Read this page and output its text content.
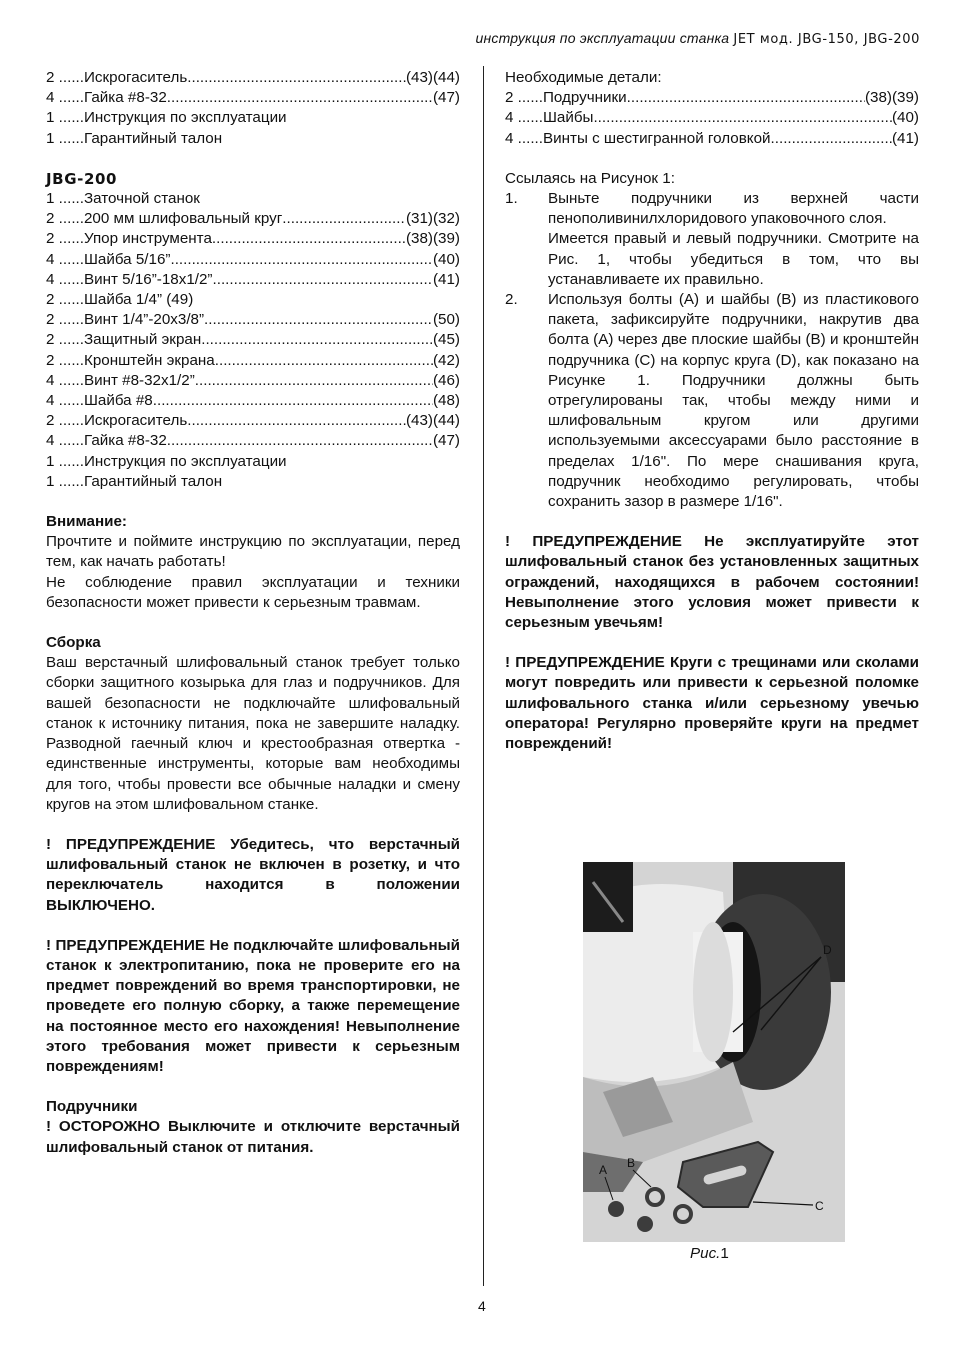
инструкция по эксплуатации станка JET мод. JBG-150, JBG-200
2 ...... Искрогаситель .....	(43)(44)
4 ...... Гайка #8-32 .....	(47)
1 ......Инструкция по эксплуатации
1 ......Гарантийный талон
JBG-200
1 ......Заточной станок
2 ...... 200 мм шлифовальный круг .....	(31)(32)
2 ...... Упор инструмента .....	(38)(39)
4 ...... Шайба 5/16” .....	(40)
4 ...... Винт 5/16”-18x1/2” .....	(41)
2 ......Шайба 1/4” (49)
2 ...... Винт 1/4”-20x3/8” .....	(50)
2 ...... Защитный экран .....	(45)
2 ...... Кронштейн экрана .....	(42)
4 ...... Винт #8-32x1/2” .....	(46)
4 ...... Шайба #8 .....	(48)
2 ...... Искрогаситель .....	(43)(44)
4 ...... Гайка #8-32 .....	(47)
1 ......Инструкция по эксплуатации
1 ......Гарантийный талон
Внимание:
Прочтите и поймите инструкцию по эксплуатации, перед тем, как начать работать!
Не соблюдение правил эксплуатации и техники безопасности может привести к серьезным травмам.
Сборка
Ваш верстачный шлифовальный станок требует только сборки защитного козырька для глаз и подручников. Для вашей безопасности не подключайте шлифовальный станок к источнику питания, пока не завершите наладку. Разводной гаечный ключ и крестообразная отвертка - единственные инструменты, которые вам необходимы для того, чтобы провести все обычные наладки и смену кругов на этом шлифовальном станке.
! ПРЕДУПРЕЖДЕНИЕ Убедитесь, что верстачный шлифовальный станок не включен в розетку, и что переключатель находится в положении ВЫКЛЮЧЕНО.
! ПРЕДУПРЕЖДЕНИЕ Не подключайте шлифовальный станок к электропитанию, пока не проверите его на предмет повреждений во время транспортировки, не проведете его полную сборку, а также перемещение на постоянное место его нахождения! Невыполнение этого требования может привести к серьезным повреждениям!
Подручники
! ОСТОРОЖНО Выключите и отключите верстачный шлифовальный станок от питания.
Необходимые детали:
2 ...... Подручники .....	(38)(39)
4 ...... Шайбы .....	(40)
4 ...... Винты с шестигранной головкой .....	(41)
Ссылаясь на Рисунок 1:
1.	Выньте подручники из верхней части пенополивинилхлоридового упаковочного слоя.
Имеется правый и левый подручники. Смотрите на Рис. 1, чтобы убедиться в том, что вы устанавливаете их правильно.
2.	Используя болты (A) и шайбы (B) из пластикового пакета, зафиксируйте подручники, накрутив два болта (A) через две плоские шайбы (B) и кронштейн подручника (C) на корпус круга (D), как показано на Рисунке 1. Подручники должны быть отрегулированы так, чтобы между ними и шлифовальным кругом или другими используемыми аксессуарами было расстояние в пределах 1/16". По мере снашивания круга, подручник необходимо регулировать, чтобы сохранить зазор в размере 1/16".
! ПРЕДУПРЕЖДЕНИЕ Не эксплуатируйте этот шлифовальный станок без установленных защитных ограждений, находящихся в рабочем состоянии! Невыполнение этого условия может привести к серьезным увечьям!
! ПРЕДУПРЕЖДЕНИЕ Круги с трещинами или сколами могут повредить или привести к серьезной поломке шлифовального станка и/или серьезному увечью оператора! Регулярно проверяйте круги на предмет повреждений!
A B
C
D
Рис.1
4
